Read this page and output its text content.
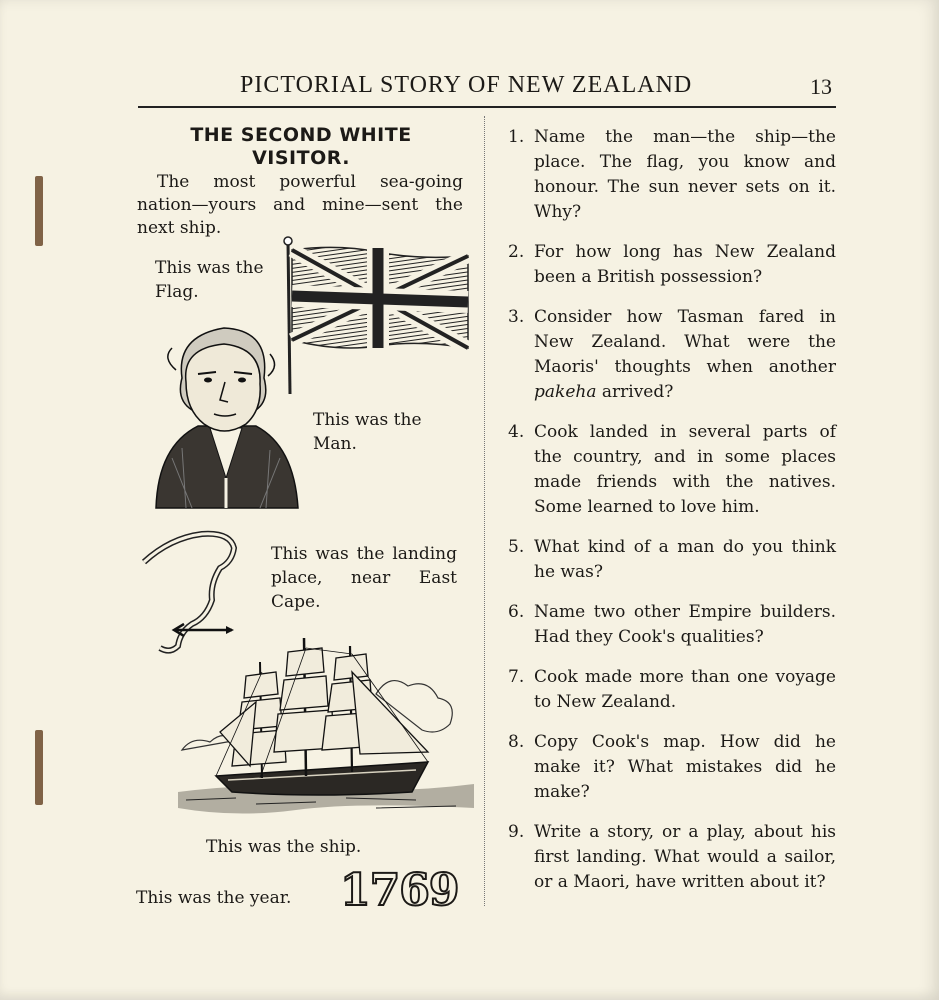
PICTORIAL STORY OF NEW ZEALAND	13
THE SECOND WHITE VISITOR.
The most powerful sea-going nation—yours and mine—sent the next ship.
This was the Flag.
This was the Man.
This was the landing place, near East Cape.
This was the ship.
This was the year.	1769
1. Name the man—the ship—the place. The flag, you know and honour. The sun never sets on it. Why?
2. For how long has New Zealand been a British possession?
3. Consider how Tasman fared in New Zealand. What were the Maoris' thoughts when another pakeha arrived?
4. Cook landed in several parts of the country, and in some places made friends with the natives. Some learned to love him.
5. What kind of a man do you think he was?
6. Name two other Empire builders. Had they Cook's qualities?
7. Cook made more than one voyage to New Zealand.
8. Copy Cook's map. How did he make it? What mistakes did he make?
9. Write a story, or a play, about his first landing. What would a sailor, or a Maori, have written about it?
